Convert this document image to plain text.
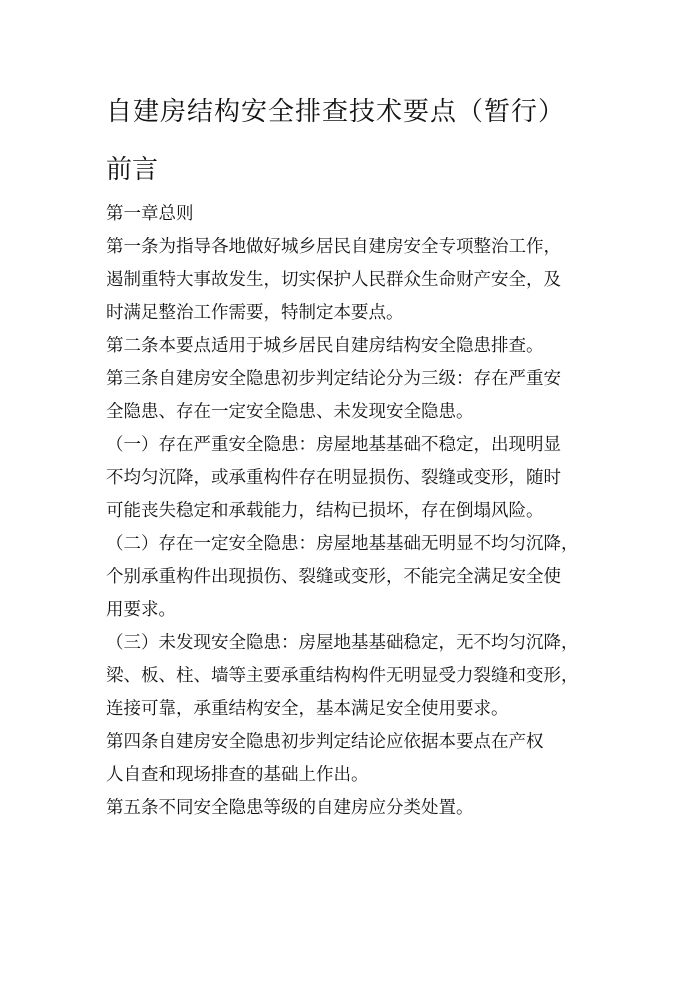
自建房结构安全排查技术要点（暂行）
前言
第一章总则
第一条为指导各地做好城乡居民自建房安全专项整治工作，
遏制重特大事故发生，切实保护人民群众生命财产安全，及
时满足整治工作需要，特制定本要点。
第二条本要点适用于城乡居民自建房结构安全隐患排查。
第三条自建房安全隐患初步判定结论分为三级：存在严重安
全隐患、存在一定安全隐患、未发现安全隐患。
（一）存在严重安全隐患：房屋地基基础不稳定，出现明显
不均匀沉降，或承重构件存在明显损伤、裂缝或变形，随时
可能丧失稳定和承载能力，结构已损坏，存在倒塌风险。
（二）存在一定安全隐患：房屋地基基础无明显不均匀沉降，
个别承重构件出现损伤、裂缝或变形，不能完全满足安全使
用要求。
（三）未发现安全隐患：房屋地基基础稳定，无不均匀沉降，
梁、板、柱、墙等主要承重结构构件无明显受力裂缝和变形，
连接可靠，承重结构安全，基本满足安全使用要求。
第四条自建房安全隐患初步判定结论应依据本要点在产权
人自查和现场排查的基础上作出。
第五条不同安全隐患等级的自建房应分类处置。
